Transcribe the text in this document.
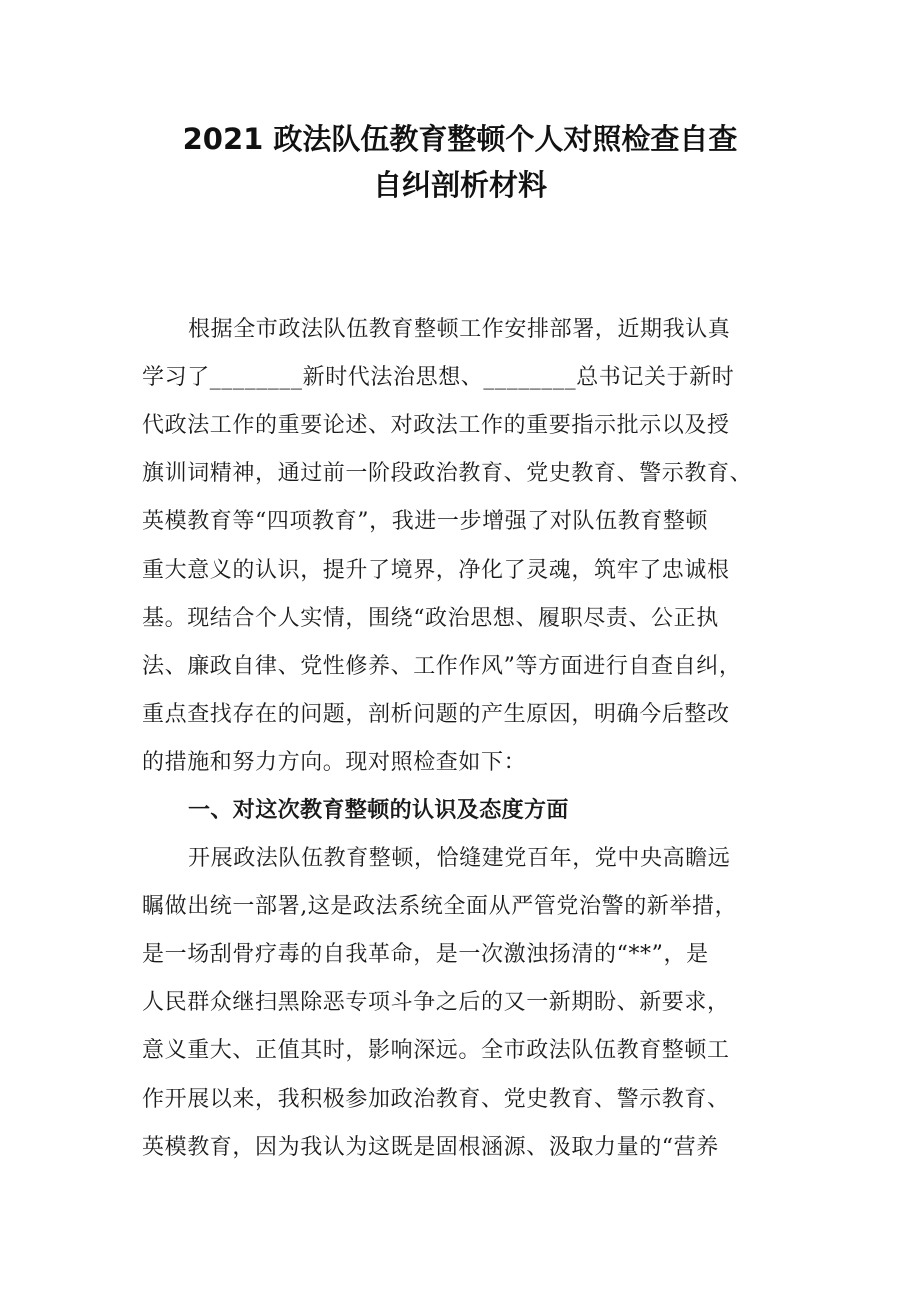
2021 政法队伍教育整顿个人对照检查自查
自纠剖析材料
根据全市政法队伍教育整顿工作安排部署，近期我认真
学习了________新时代法治思想、________总书记关于新时
代政法工作的重要论述、对政法工作的重要指示批示以及授
旗训词精神，通过前一阶段政治教育、党史教育、警示教育、
英模教育等“四项教育”，我进一步增强了对队伍教育整顿
重大意义的认识，提升了境界，净化了灵魂，筑牢了忠诚根
基。现结合个人实情，围绕“政治思想、履职尽责、公正执
法、廉政自律、党性修养、工作作风”等方面进行自查自纠，
重点查找存在的问题，剖析问题的产生原因，明确今后整改
的措施和努力方向。现对照检查如下：
一、对这次教育整顿的认识及态度方面
开展政法队伍教育整顿，恰缝建党百年，党中央高瞻远
瞩做出统一部署,这是政法系统全面从严管党治警的新举措，
是一场刮骨疗毒的自我革命，是一次激浊扬清的“**”，是
人民群众继扫黑除恶专项斗争之后的又一新期盼、新要求，
意义重大、正值其时，影响深远。全市政法队伍教育整顿工
作开展以来，我积极参加政治教育、党史教育、警示教育、
英模教育，因为我认为这既是固根涵源、汲取力量的“营养
